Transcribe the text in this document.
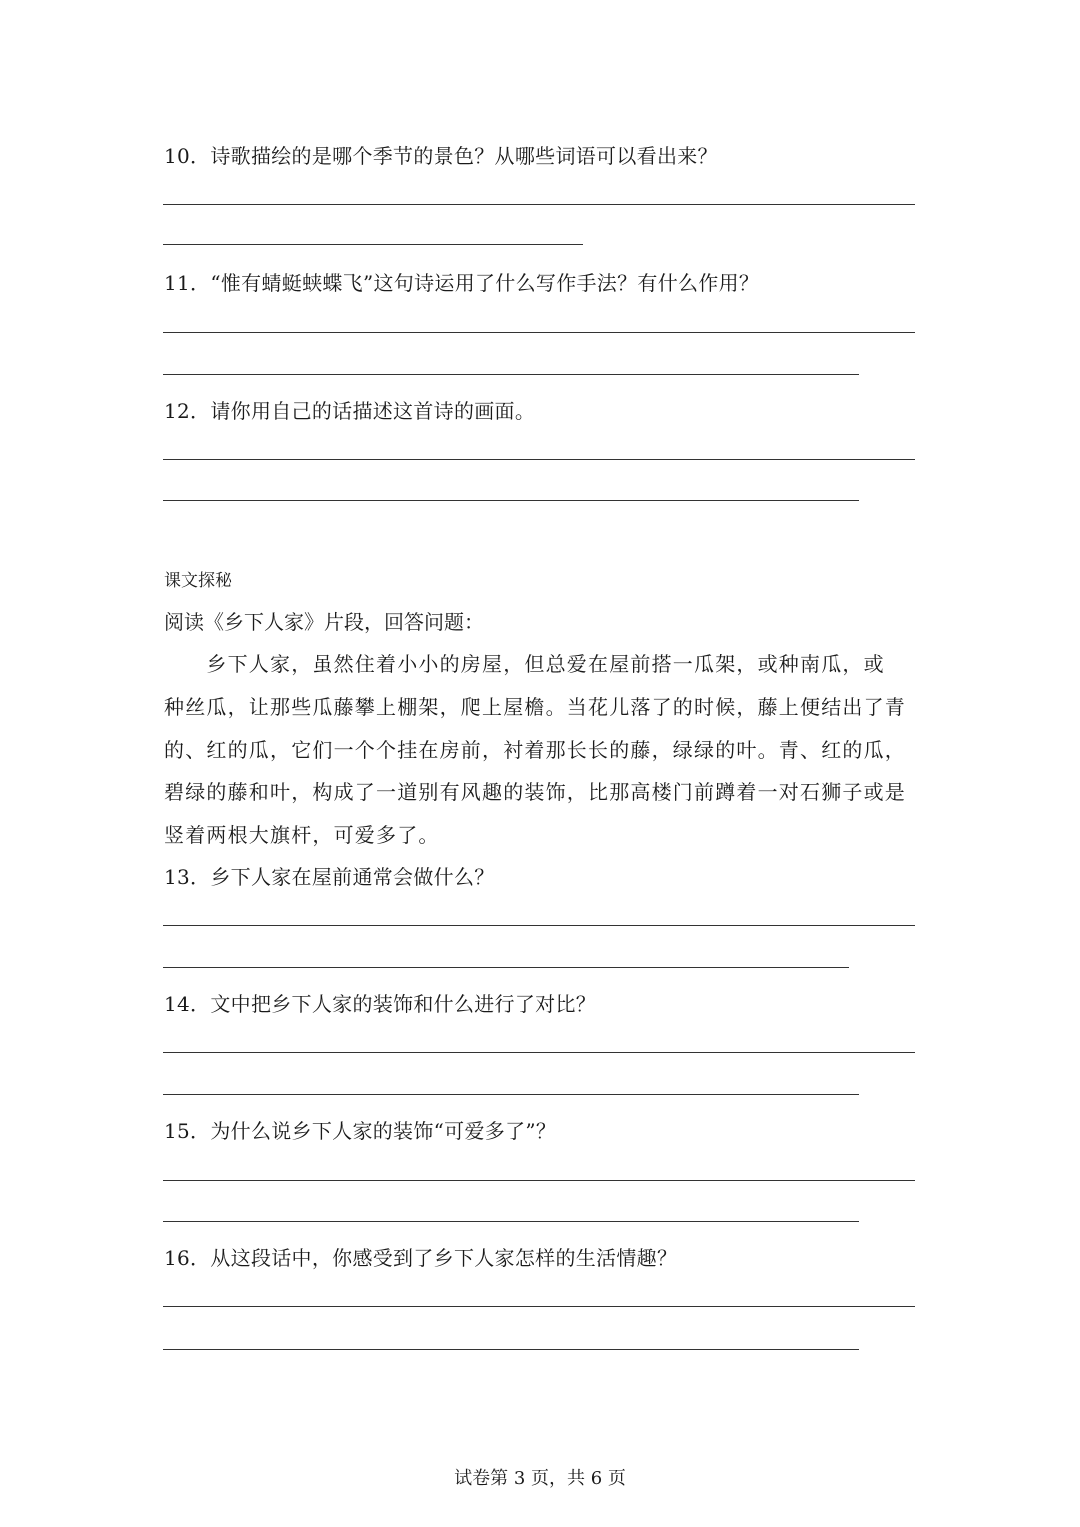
10．诗歌描绘的是哪个季节的景色？从哪些词语可以看出来？
11．“惟有蜻蜓蛱蝶飞”这句诗运用了什么写作手法？有什么作用？
12．请你用自己的话描述这首诗的画面。
课文探秘
阅读《乡下人家》片段，回答问题：
　　乡下人家，虽然住着小小的房屋，但总爱在屋前搭一瓜架，或种南瓜，或
种丝瓜，让那些瓜藤攀上棚架，爬上屋檐。当花儿落了的时候，藤上便结出了青
的、红的瓜，它们一个个挂在房前，衬着那长长的藤，绿绿的叶。青、红的瓜，
碧绿的藤和叶，构成了一道别有风趣的装饰，比那高楼门前蹲着一对石狮子或是
竖着两根大旗杆，可爱多了。
13．乡下人家在屋前通常会做什么？
14．文中把乡下人家的装饰和什么进行了对比？
15．为什么说乡下人家的装饰“可爱多了”？
16．从这段话中，你感受到了乡下人家怎样的生活情趣？
试卷第 3 页，共 6 页
